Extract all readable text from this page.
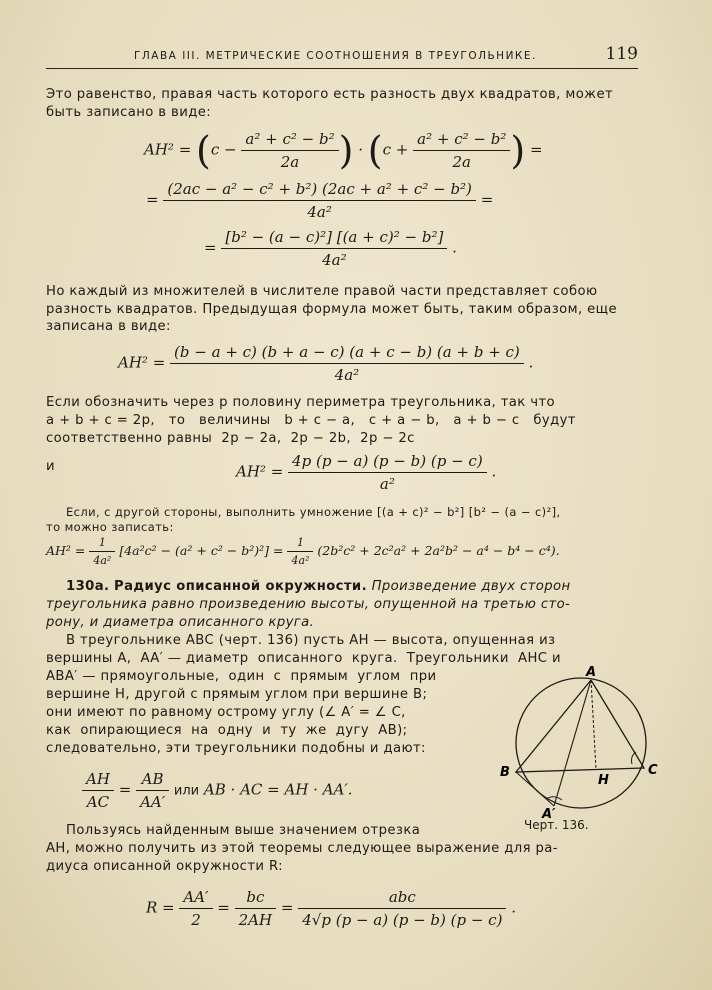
ГЛАВА III. МЕТРИЧЕСКИЕ СООТНОШЕНИЯ В ТРЕУГОЛЬНИКЕ.	119
Это равенство, правая часть которого есть разность двух квадратов, может быть записано в виде:
$AH^2 = (c - \frac{\text{a² + c² − b²}}{2a}$ ) · ($c + \frac{\text{a² + c² − b²}}{2a}$ ) =
= $\frac{\text{(2ac − a² − c² + b²) (2ac + a² + c² − b²)}}{\text{4a²}}$ =
= $\frac{\text{[b² − (a − c)²] [(a + c)² − b²]}}{\text{4a²}}$ .
Но каждый из множителей в числителе правой части представляет собою разность квадратов. Предыдущая формула может быть, таким образом, еще записана в виде:
$AH^2 = \frac{(b - a + c) (b + a - c) (a + c - b) (a + b + c)}{\text{4a²}}$ .
Если обозначить через p половину периметра треугольника, так что
a + b + c = 2p,   то   величины   b + c − a,   c + a − b,   a + b − c   будут
соответственно равны  2p − 2a,  2p − 2b,  2p − 2c
и	$AH^2 = \frac{4p (p - a) (p - b) (p - c)}{\text{a²}}$ .
Если, с другой стороны, выполнить умножение [(a + c)² − b²] [b² − (a − c)²],
то можно записать:
$AH^2 = \frac{1}{\text{4a²}} [4a^2c^2 - (a^2 + c^2 - b^2)^2] = \frac{1}{\text{4a²}} (2b^2c^2 + 2c^2a^2 + 2a^2b^2 - a^4 - b^4 - c^4)$.
130а. Радиус описанной окружности. Произведение двух сторон
треугольника равно произведению высоты, опущенной на третью сто-
рону, и диаметра описанного круга.
В треугольнике ABC (черт. 136) пусть AH — высота, опущенная из
вершины A,  AA′ — диаметр  описанного  круга.  Треугольники  AHC и
ABA′ — прямоугольные,  один  с  прямым  углом  при
вершине H, другой с прямым углом при вершине B;
они имеют по равному острому углу (∠ A′ = ∠ C,
как  опирающиеся  на  одну  и  ту  же  дугу  AB);
следовательно, эти треугольники подобны и дают:
$\frac{AH}{AC} = \frac{AB}{AA'}$ или AB · AC = AH · AA′.
A
B	C
H
A′
Черт. 136.
Пользуясь найденным выше значением отрезка
AH, можно получить из этой теоремы следующее выражение для ра-
диуса описанной окружности R:
$R = \frac{AA'}{2} = \frac{bc}{2AH} = \frac{\text{abc}}{4√p (p - a) (p - b) (p - c)}$ .
